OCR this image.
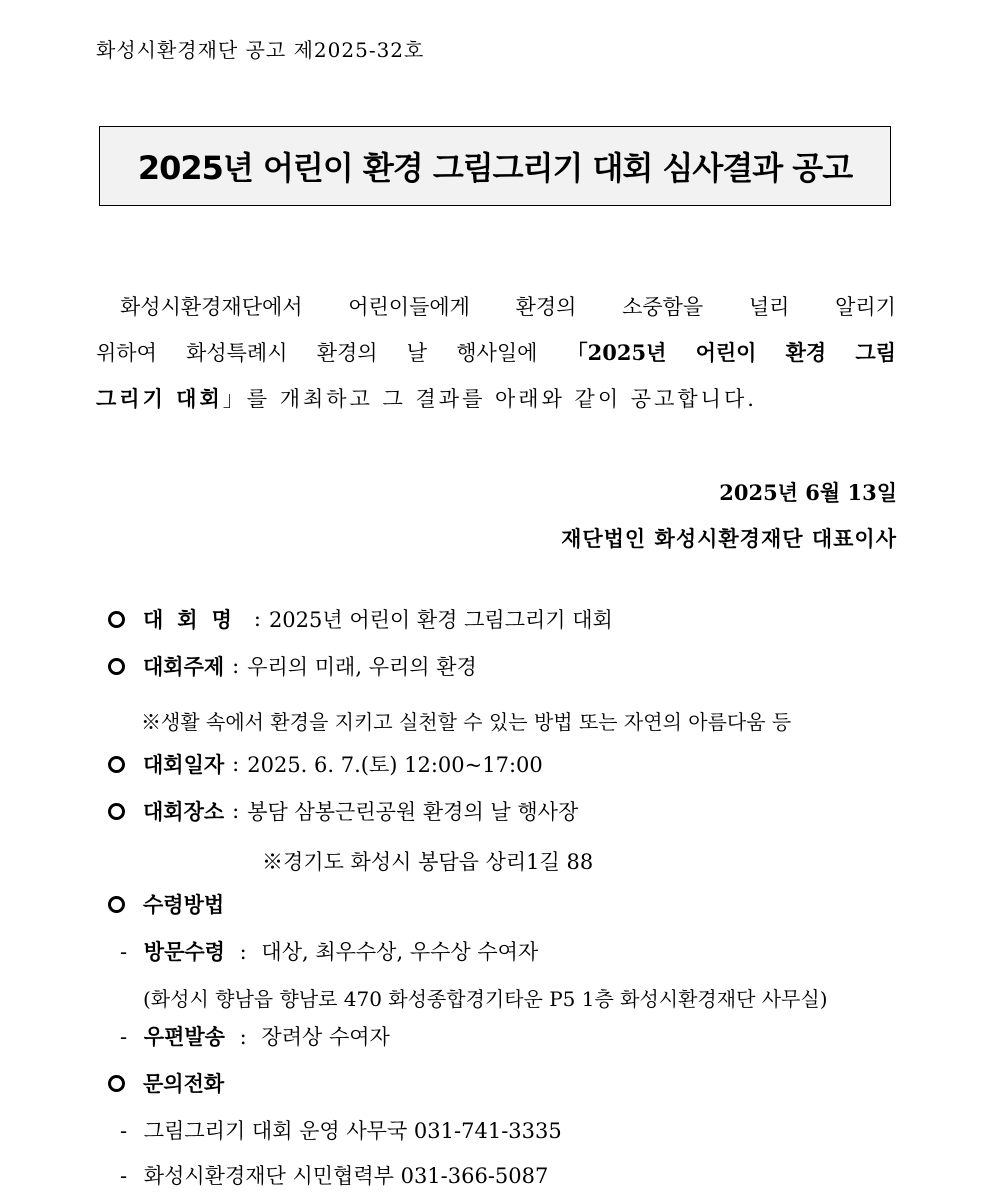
화성시환경재단 공고 제2025-32호
2025년 어린이 환경 그림그리기 대회 심사결과 공고
화성시환경재단에서 어린이들에게 환경의 소중함을 널리 알리기
위하여 화성특례시 환경의 날 행사일에 「2025년 어린이 환경 그림
그리기 대회 」를 개최하고 그 결과를 아래와 같이 공고합니다.
2025년 6월 13일
재단법인 화성시환경재단 대표이사
대회명 : 2025년 어린이 환경 그림그리기 대회
대회주제 : 우리의 미래, 우리의 환경
※생활 속에서 환경을 지키고 실천할 수 있는 방법 또는 자연의 아름다움 등
대회일자 : 2025. 6. 7.(토) 12:00~17:00
대회장소 : 봉담 삼봉근린공원 환경의 날 행사장
※경기도 화성시 봉담읍 상리1길 88
수령방법
- 방문수령 : 대상, 최우수상, 우수상 수여자
(화성시 향남읍 향남로 470 화성종합경기타운 P5 1층 화성시환경재단 사무실)
- 우편발송 : 장려상 수여자
문의전화
- 그림그리기 대회 운영 사무국 031-741-3335
- 화성시환경재단 시민협력부 031-366-5087
